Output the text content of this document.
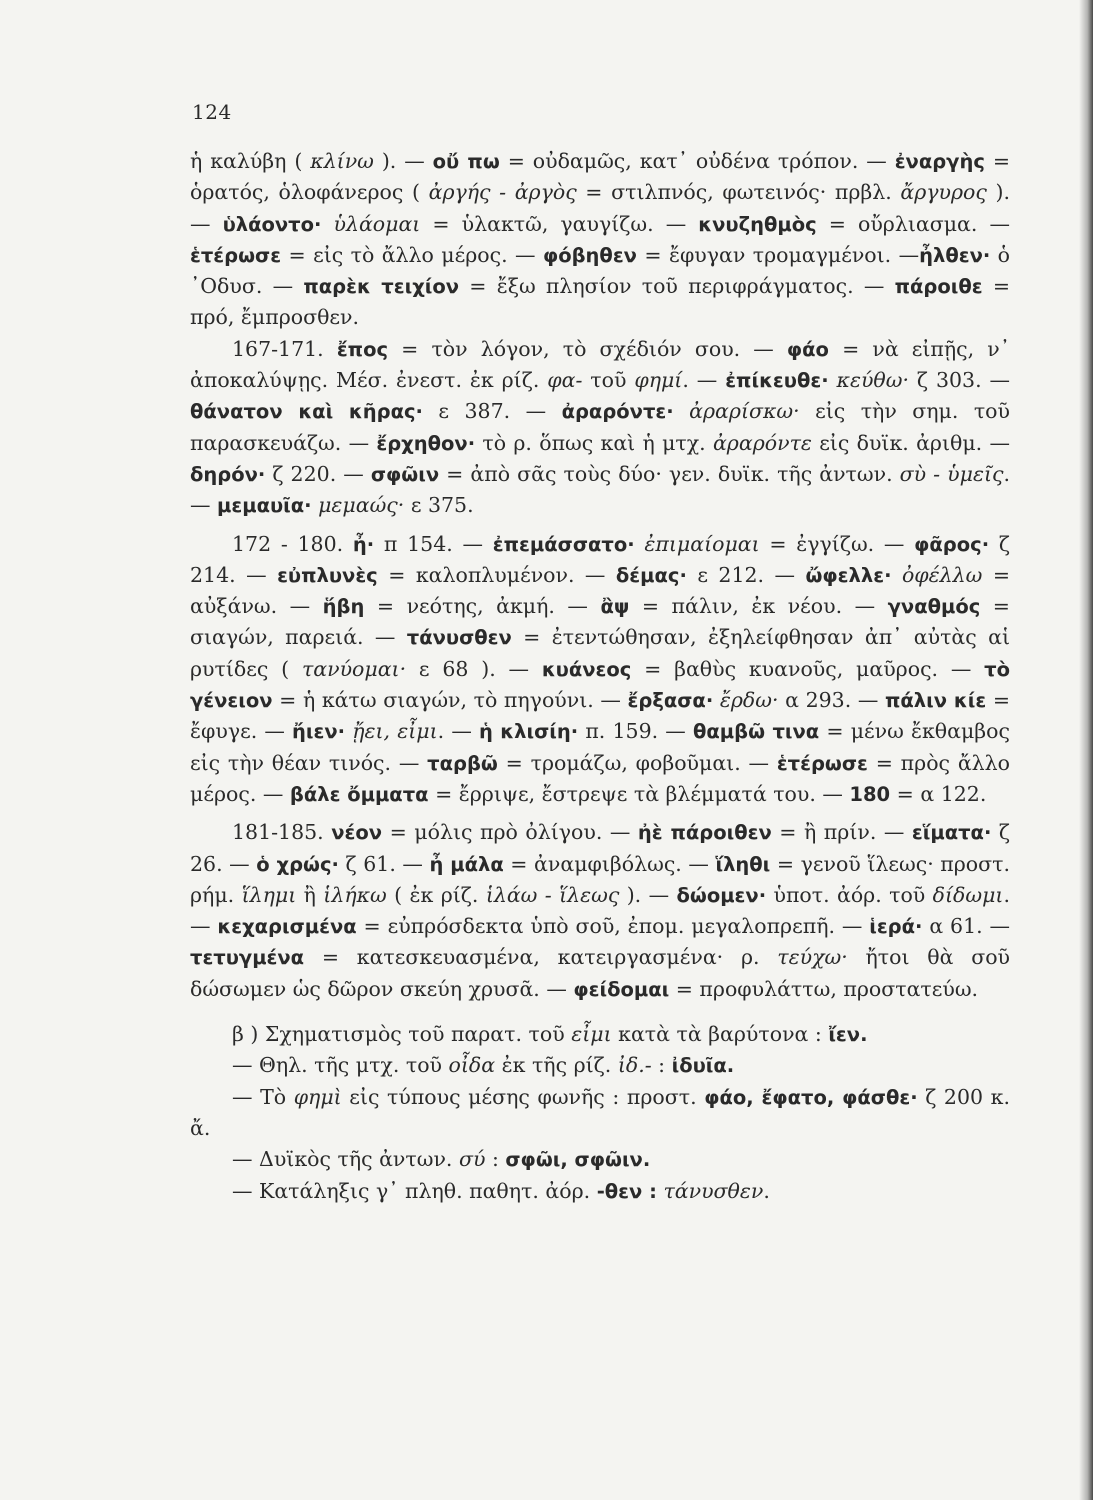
124

ἡ καλύβη ( κλίνω ). — οὔ πω = οὐδαμῶς, κατ᾽ οὐδένα τρόπον. — ἐναργὴς = ὁρατός, ὁλοφάνερος ( ἀργής - ἀργὸς = στιλπνός, φωτεινός· πρβλ. ἄργυρος ). — ὑλάοντο· ὑλάομαι = ὑλακτῶ, γαυγίζω. — κνυζηθμὸς = οὔρλιασμα. — ἑτέρωσε = εἰς τὸ ἄλλο μέρος. — φόβηθεν = ἔφυγαν τρομαγμένοι. —ἦλθεν· ὁ ᾽Οδυσ. — παρὲκ τειχίον = ἔξω πλησίον τοῦ περιφράγματος. — πάροιθε = πρό, ἔμπροσθεν.

167-171. ἔπος = τὸν λόγον, τὸ σχέδιόν σου. — φάο = νὰ εἰπῇς, ν᾽ ἀποκαλύψῃς. Μέσ. ἐνεστ. ἐκ ρίζ. φα- τοῦ φημί. — ἐπίκευθε· κεύθω· ζ 303. — θάνατον καὶ κῆρας· ε 387. — ἀραρόντε· ἀραρίσκω· εἰς τὴν σημ. τοῦ παρασκευάζω. — ἔρχηθον· τὸ ρ. ὅπως καὶ ἡ μτχ. ἀραρόντε εἰς δυϊκ. ἀριθμ. — δηρόν· ζ 220. — σφῶιν = ἀπὸ σᾶς τοὺς δύο· γεν. δυϊκ. τῆς ἀντων. σὺ - ὑμεῖς. — μεμαυῖα· μεμαώς· ε 375.

172 - 180. ἦ· π 154. — ἐπεμάσσατο· ἐπιμαίομαι = ἐγγίζω. — φᾶρος· ζ 214. — εὐπλυνὲς = καλοπλυμένον. — δέμας· ε 212. — ὤφελλε· ὀφέλλω = αὐξάνω. — ἥβη = νεότης, ἀκμή. — ἂψ = πάλιν, ἐκ νέου. — γναθμός = σιαγών, παρειά. — τάνυσθεν = ἐτεντώθησαν, ἐξηλείφθησαν ἀπ᾽ αὐτὰς αἱ ρυτίδες ( τανύομαι· ε 68 ). — κυάνεος = βαθὺς κυανοῦς, μαῦρος. — τὸ γένειον = ἡ κάτω σιαγών, τὸ πηγούνι. — ἔρξασα· ἔρδω· α 293. — πάλιν κίε = ἔφυγε. — ἤιεν· ᾔει, εἶμι. — ἡ κλισίη· π. 159. — θαμβῶ τινα = μένω ἔκθαμβος εἰς τὴν θέαν τινός. — ταρβῶ = τρομάζω, φοβοῦμαι. — ἑτέρωσε = πρὸς ἄλλο μέρος. — βάλε ὄμματα = ἔρριψε, ἔστρεψε τὰ βλέμματά του. — 180 = α 122.

181-185. νέον = μόλις πρὸ ὀλίγου. — ἠὲ πάροιθεν = ἢ πρίν. — εἵματα· ζ 26. — ὁ χρώς· ζ 61. — ἦ μάλα = ἀναμφιβόλως. — ἵληθι = γενοῦ ἵλεως· προστ. ρήμ. ἵλημι ἢ ἱλήκω ( ἐκ ρίζ. ἱλάω - ἵλεως ). — δώομεν· ὑποτ. ἀόρ. τοῦ δίδωμι. — κεχαρισμένα = εὐπρόσδεκτα ὑπὸ σοῦ, ἐπομ. μεγαλοπρεπῆ. — ἱερά· α 61. — τετυγμένα = κατεσκευασμένα, κατειργασμένα· ρ. τεύχω· ἤτοι θὰ σοῦ δώσωμεν ὡς δῶρον σκεύη χρυσᾶ. — φείδομαι = προφυλάττω, προστατεύω.

β ) Σχηματισμὸς τοῦ παρατ. τοῦ εἶμι κατὰ τὰ βαρύτονα : ἴεν.

— Θηλ. τῆς μτχ. τοῦ οἶδα ἐκ τῆς ρίζ. ἰδ.- : ἰδυῖα.

— Τὸ φημὶ εἰς τύπους μέσης φωνῆς : προστ. φάο, ἔφατο, φάσθε· ζ 200 κ. ἄ.

— Δυϊκὸς τῆς ἀντων. σύ : σφῶι, σφῶιν.

— Κατάληξις γ᾽ πληθ. παθητ. ἀόρ. -θεν : τάνυσθεν.
